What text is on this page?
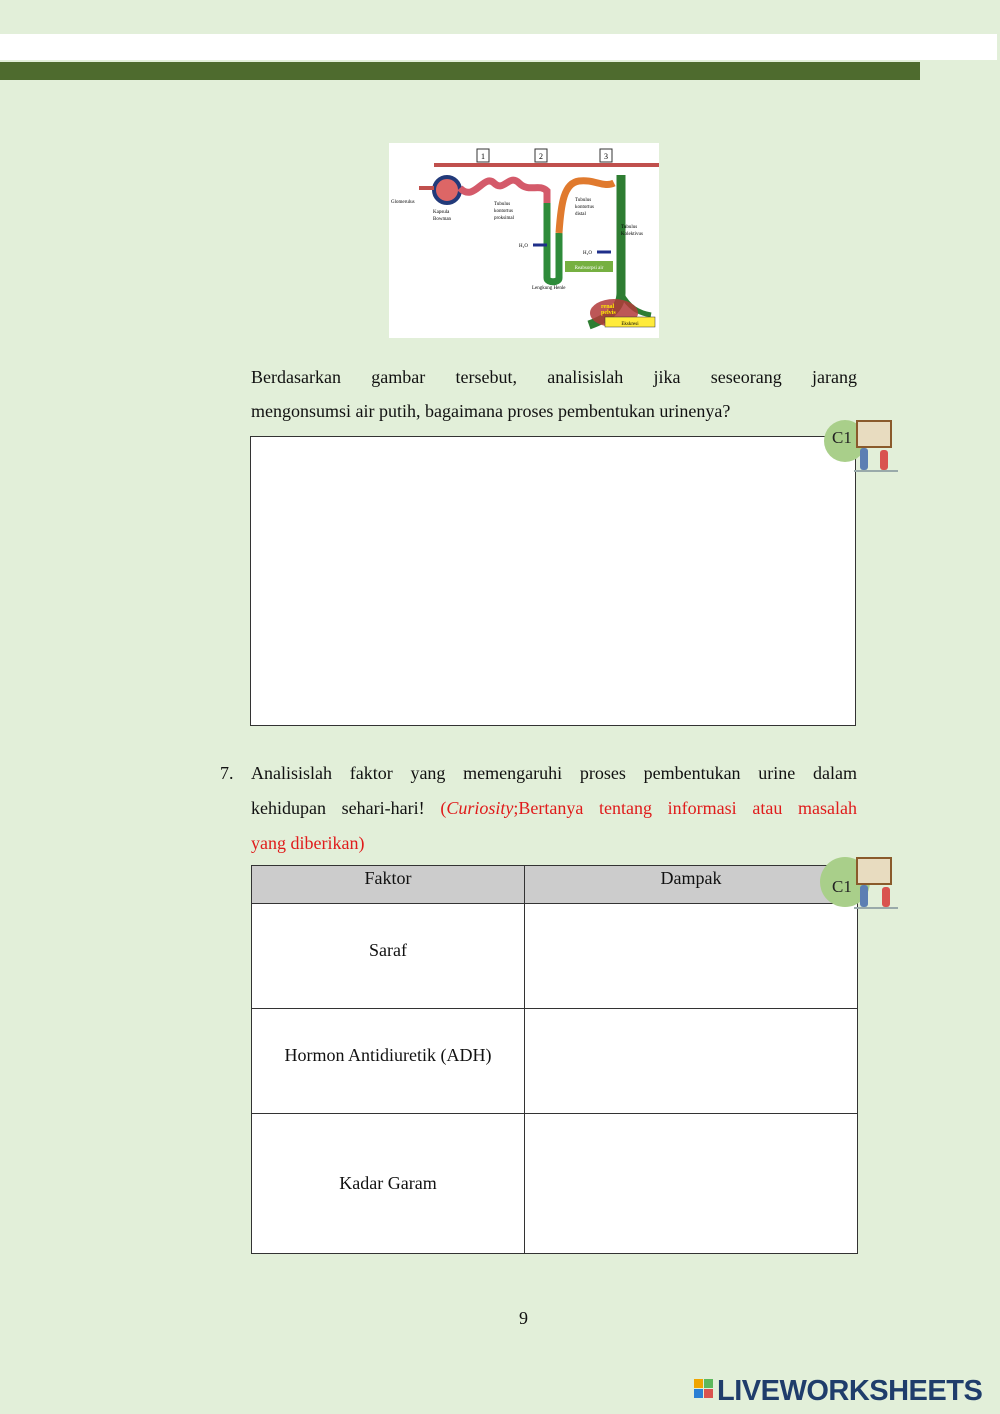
1	2	3
Reabsorpsi air
Ekskresi
Glomerulus
Kapsula
Bowman
Tubulus
kontortus
proksimal
Tubulus
kontortus
distal
Tubulus
Kolektivus
H₂O
H₂O
Lengkung Henle
renal
pelvis
Berdasarkan gambar tersebut, analisislah jika seseorang jarang
mengonsumsi air putih, bagaimana proses pembentukan urinenya?
C1
7. Analisislah faktor yang memengaruhi proses pembentukan urine dalam
kehidupan sehari-hari! (Curiosity;Bertanya tentang informasi atau masalah
yang diberikan)
Faktor	Dampak
Saraf	
Hormon Antidiuretik (ADH)	
Kadar Garam	
C1
9
LIVEWORKSHEETS
